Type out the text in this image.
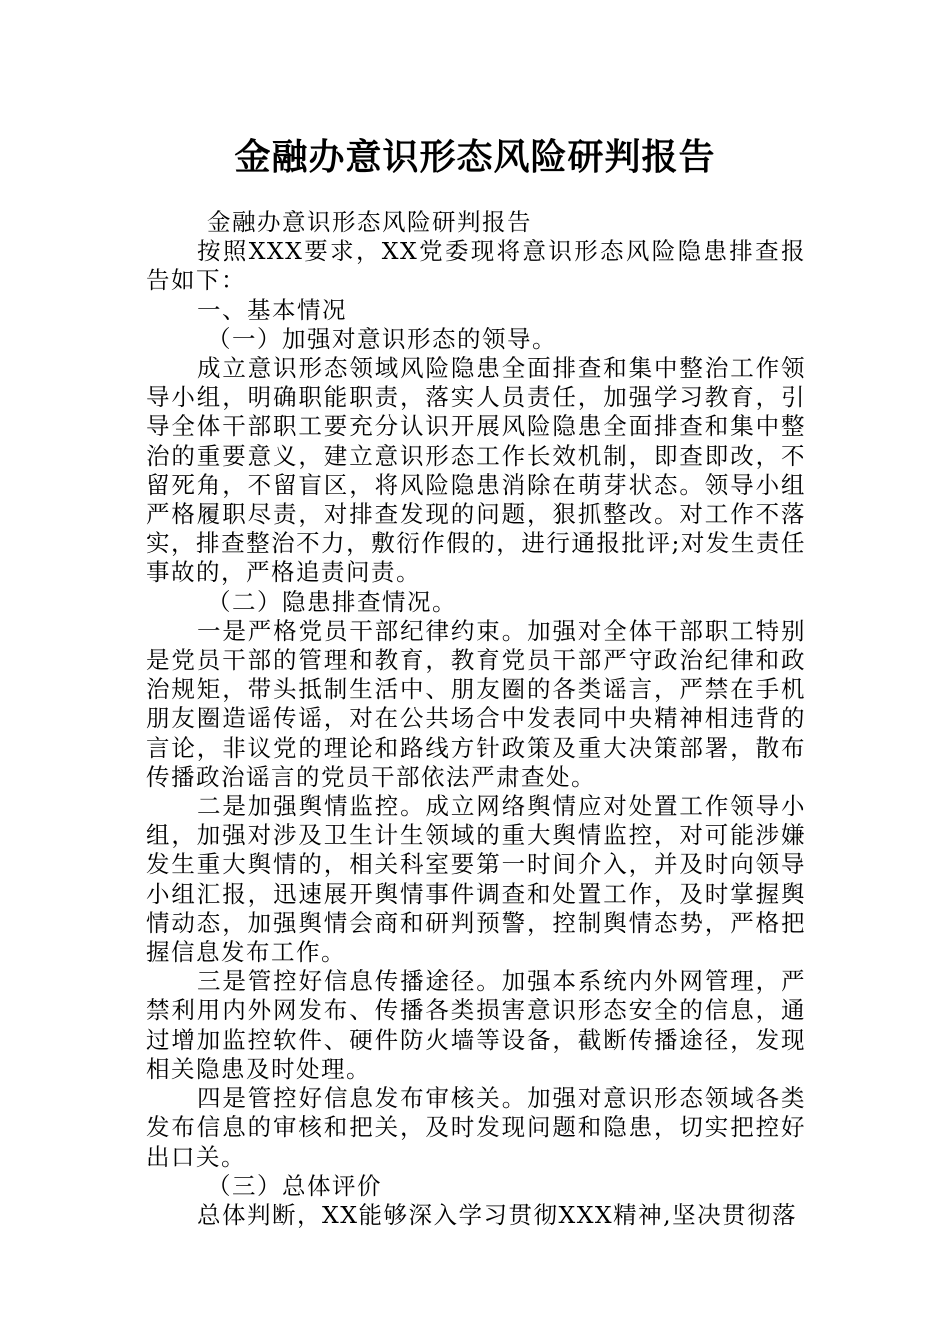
金融办意识形态风险研判报告

金融办意识形态风险研判报告

按照XXX要求，XX党委现将意识形态风险隐患排查报告如下：

一、基本情况

（一）加强对意识形态的领导。

成立意识形态领域风险隐患全面排查和集中整治工作领导小组，明确职能职责，落实人员责任，加强学习教育，引导全体干部职工要充分认识开展风险隐患全面排查和集中整治的重要意义，建立意识形态工作长效机制，即查即改，不留死角，不留盲区，将风险隐患消除在萌芽状态。领导小组严格履职尽责，对排查发现的问题，狠抓整改。对工作不落实，排查整治不力，敷衍作假的，进行通报批评;对发生责任事故的，严格追责问责。

（二）隐患排查情况。

一是严格党员干部纪律约束。加强对全体干部职工特别是党员干部的管理和教育，教育党员干部严守政治纪律和政治规矩，带头抵制生活中、朋友圈的各类谣言，严禁在手机朋友圈造谣传谣，对在公共场合中发表同中央精神相违背的言论，非议党的理论和路线方针政策及重大决策部署，散布传播政治谣言的党员干部依法严肃查处。

二是加强舆情监控。成立网络舆情应对处置工作领导小组，加强对涉及卫生计生领域的重大舆情监控，对可能涉嫌发生重大舆情的，相关科室要第一时间介入，并及时向领导小组汇报，迅速展开舆情事件调查和处置工作，及时掌握舆情动态，加强舆情会商和研判预警，控制舆情态势，严格把握信息发布工作。

三是管控好信息传播途径。加强本系统内外网管理，严禁利用内外网发布、传播各类损害意识形态安全的信息，通过增加监控软件、硬件防火墙等设备，截断传播途径，发现相关隐患及时处理。

四是管控好信息发布审核关。加强对意识形态领域各类发布信息的审核和把关，及时发现问题和隐患，切实把控好出口关。

（三）总体评价

总体判断，XX能够深入学习贯彻XXX精神,坚决贯彻落
